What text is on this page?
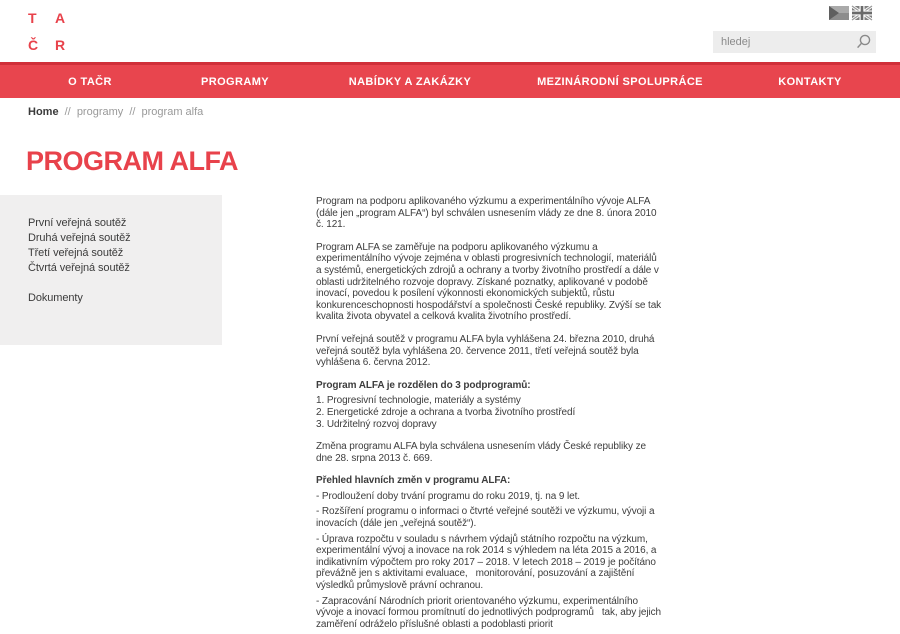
T	A
Č	R
hledej
O TAČR	PROGRAMY	NABÍDKY A ZAKÁZKY	MEZINÁRODNÍ SPOLUPRÁCE	KONTAKTY
Home // programy // program alfa
PROGRAM ALFA
První veřejná soutěž
Druhá veřejná soutěž
Třetí veřejná soutěž
Čtvrtá veřejná soutěž
Dokumenty

Program na podporu aplikovaného výzkumu a experimentálního vývoje ALFA (dále jen „program ALFA“) byl schválen usnesením vlády ze dne 8. února 2010 č. 121.

Program ALFA se zaměřuje na podporu aplikovaného výzkumu a experimentálního vývoje zejména v oblasti progresivních technologií, materiálů a systémů, energetických zdrojů a ochrany a tvorby životního prostředí a dále v oblasti udržitelného rozvoje dopravy. Získané poznatky, aplikované v podobě inovací, povedou k posílení výkonnosti ekonomických subjektů, růstu konkurenceschopnosti hospodářství a společnosti České republiky. Zvýší se tak kvalita života obyvatel a celková kvalita životního prostředí.

První veřejná soutěž v programu ALFA byla vyhlášena 24. března 2010, druhá veřejná soutěž byla vyhlášena 20. července 2011, třetí veřejná soutěž byla vyhlášena 6. června 2012.

Program ALFA je rozdělen do 3 podprogramů:

1. Progresivní technologie, materiály a systémy
2. Energetické zdroje a ochrana a tvorba životního prostředí
3. Udržitelný rozvoj dopravy

Změna programu ALFA byla schválena usnesením vlády České republiky ze dne 28. srpna 2013 č. 669.

Přehled hlavních změn v programu ALFA:

- Prodloužení doby trvání programu do roku 2019, tj. na 9 let.
- Rozšíření programu o informaci o čtvrté veřejné soutěži ve výzkumu, vývoji a inovacích (dále jen „veřejná soutěž“).
- Úprava rozpočtu v souladu s návrhem výdajů státního rozpočtu na výzkum, experimentální vývoj a inovace na rok 2014 s výhledem na léta 2015 a 2016, a indikativním výpočtem pro roky 2017 – 2018. V letech 2018 – 2019 je počítáno převážně jen s aktivitami evaluace,   monitorování, posuzování a zajištění výsledků průmyslově právní ochranou.
- Zapracování Národních priorit orientovaného výzkumu, experimentálního vývoje a inovací formou promítnutí do jednotlivých podprogramů   tak, aby jejich zaměření odráželo příslušné oblasti a podoblasti priorit
